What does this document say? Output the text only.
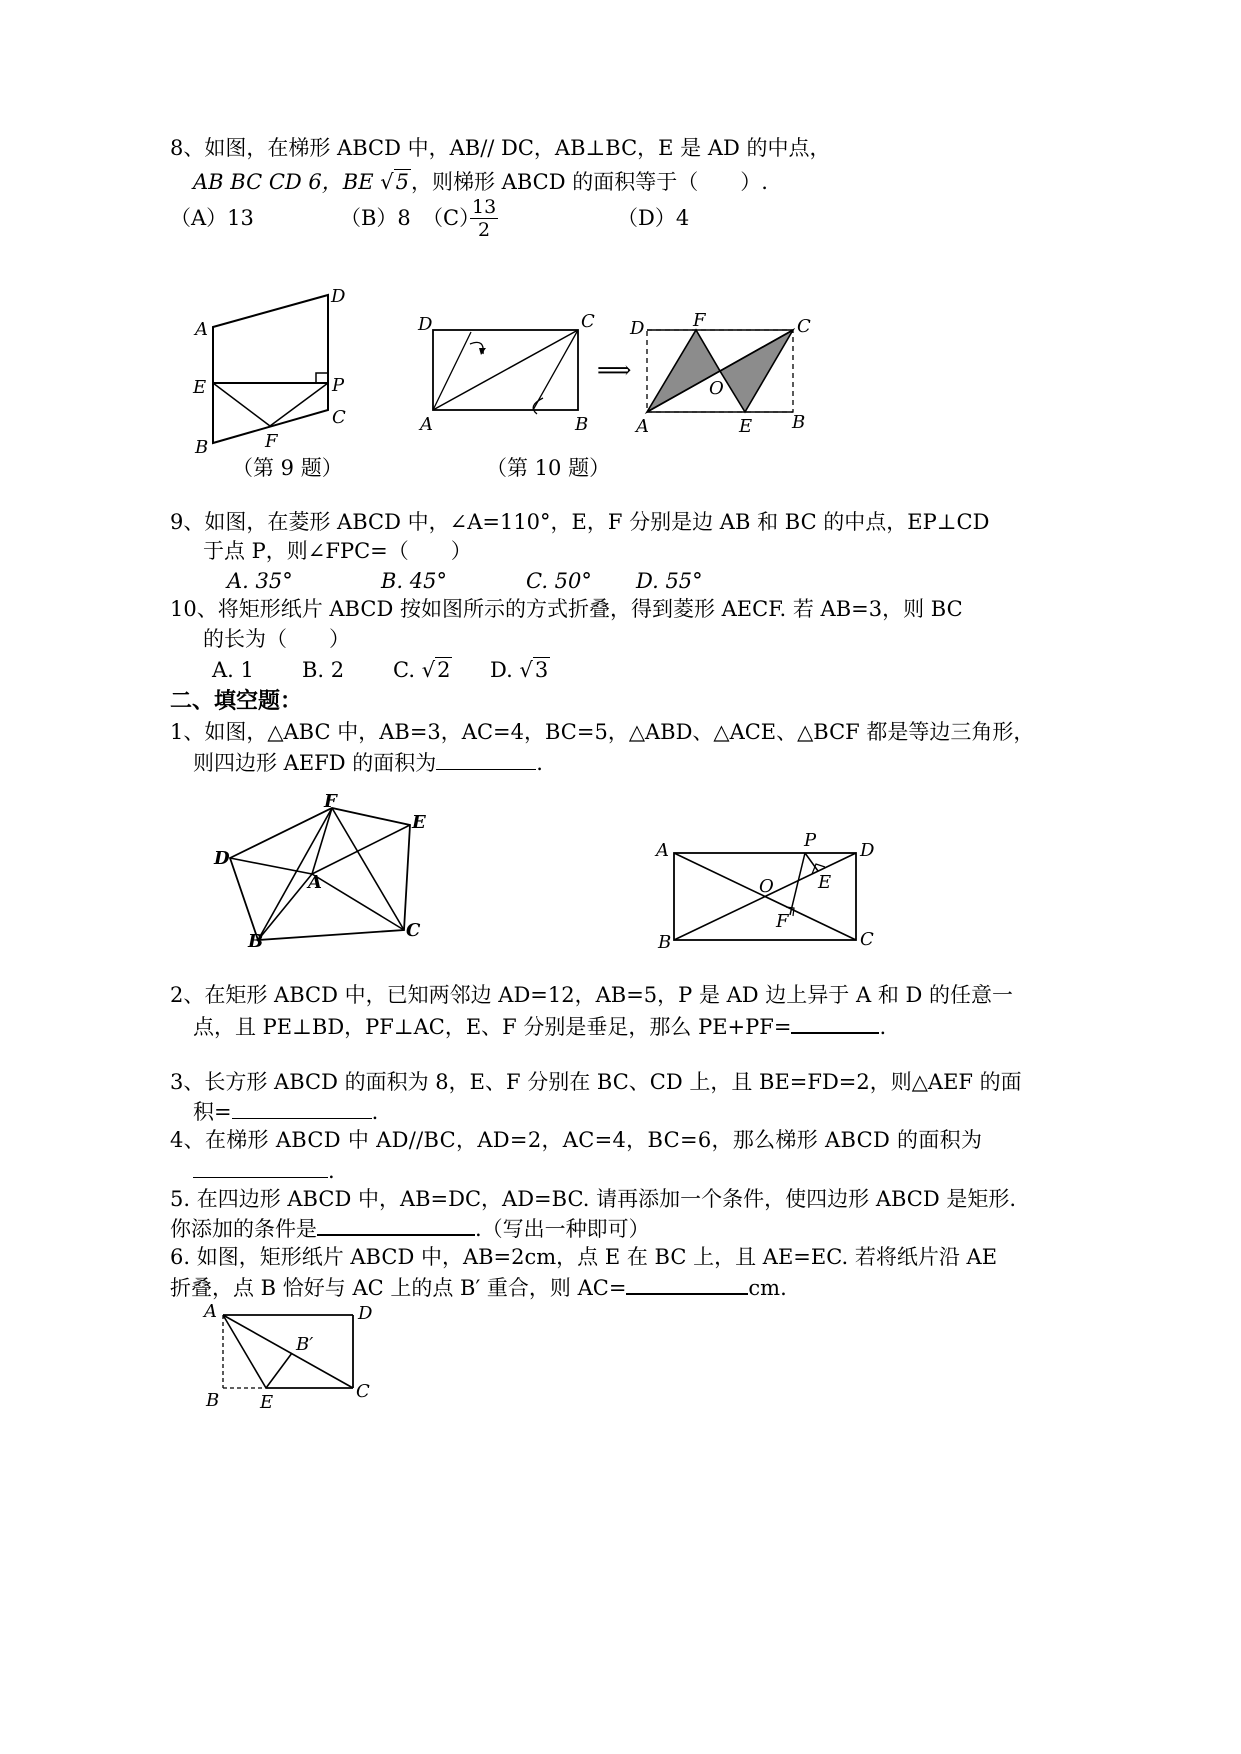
8、如图，在梯形 ABCD 中，AB// DC，AB⊥BC，E 是 AD 的中点，
AB BC CD 6，BE √5，则梯形 ABCD 的面积等于（　　）.
（A）13	（B）8 （C）
$\frac{13}{2}$	（D）4
A
D
E	P
C
B	F
（第 9 题）
D	C
A	B
⟹
D	F	C
O
A	E B
（第 10 题）
9、如图，在菱形 ABCD 中，∠A=110°，E，F 分别是边 AB 和 BC 的中点，EP⊥CD
于点 P，则∠FPC=（　　）
A. 35°	B. 45°	C. 50° D. 55°
10、将矩形纸片 ABCD 按如图所示的方式折叠，得到菱形 AECF. 若 AB=3，则 BC
的长为（　　）
A. 1 B. 2 C. √2 D. √3
二、填空题：
1、如图，△ABC 中，AB=3，AC=4，BC=5，△ABD、△ACE、△BCF 都是等边三角形，
则四边形 AEFD 的面积为	.
F
E
D
A
B
C
A	P D
E
O
F
B	C
2、在矩形 ABCD 中，已知两邻边 AD=12，AB=5，P 是 AD 边上异于 A 和 D 的任意一
点，且 PE⊥BD，PF⊥AC，E、F 分别是垂足，那么 PE+PF=	.
3、长方形 ABCD 的面积为 8，E、F 分别在 BC、CD 上，且 BE=FD=2，则△AEF 的面
积=	.
4、在梯形 ABCD 中 AD//BC，AD=2，AC=4，BC=6，那么梯形 ABCD 的面积为
.
5. 在四边形 ABCD 中，AB=DC，AD=BC. 请再添加一个条件，使四边形 ABCD 是矩形.
你添加的条件是	.（写出一种即可）
6. 如图，矩形纸片 ABCD 中，AB=2cm，点 E 在 BC 上，且 AE=EC. 若将纸片沿 AE
折叠，点 B 恰好与 AC 上的点 B′ 重合，则 AC=	cm.
A	D
B′
B E
C
